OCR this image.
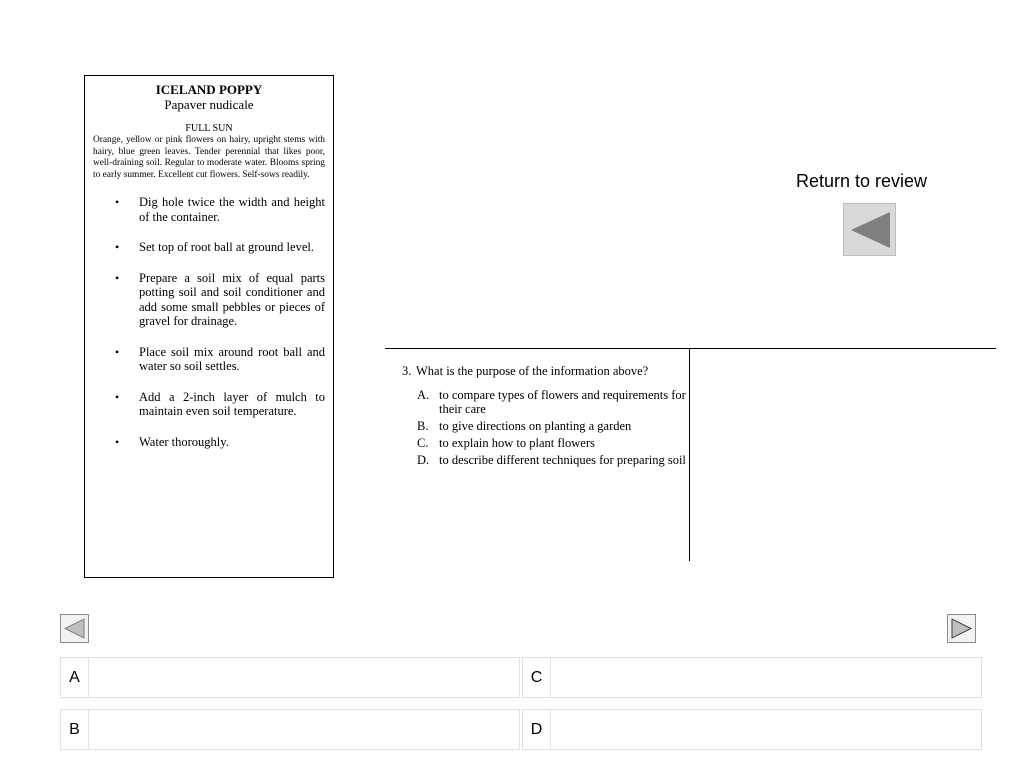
ICELAND POPPY
Papaver nudicale
FULL SUN
Orange, yellow or pink flowers on hairy, upright stems with hairy, blue green leaves. Tender perennial that likes poor, well-draining soil. Regular to moderate water. Blooms spring to early summer. Excellent cut flowers. Self-sows readily.
• Dig hole twice the width and height of the container.
• Set top of root ball at ground level.
• Prepare a soil mix of equal parts potting soil and soil conditioner and add some small pebbles or pieces of gravel for drainage.
• Place soil mix around root ball and water so soil settles.
• Add a 2-inch layer of mulch to maintain even soil temperature.
• Water thoroughly.
Return to review
3. What is the purpose of the information above?
A. to compare types of flowers and requirements for their care
B. to give directions on planting a garden
C. to explain how to plant flowers
D. to describe different techniques for preparing soil
A	C
B	D
